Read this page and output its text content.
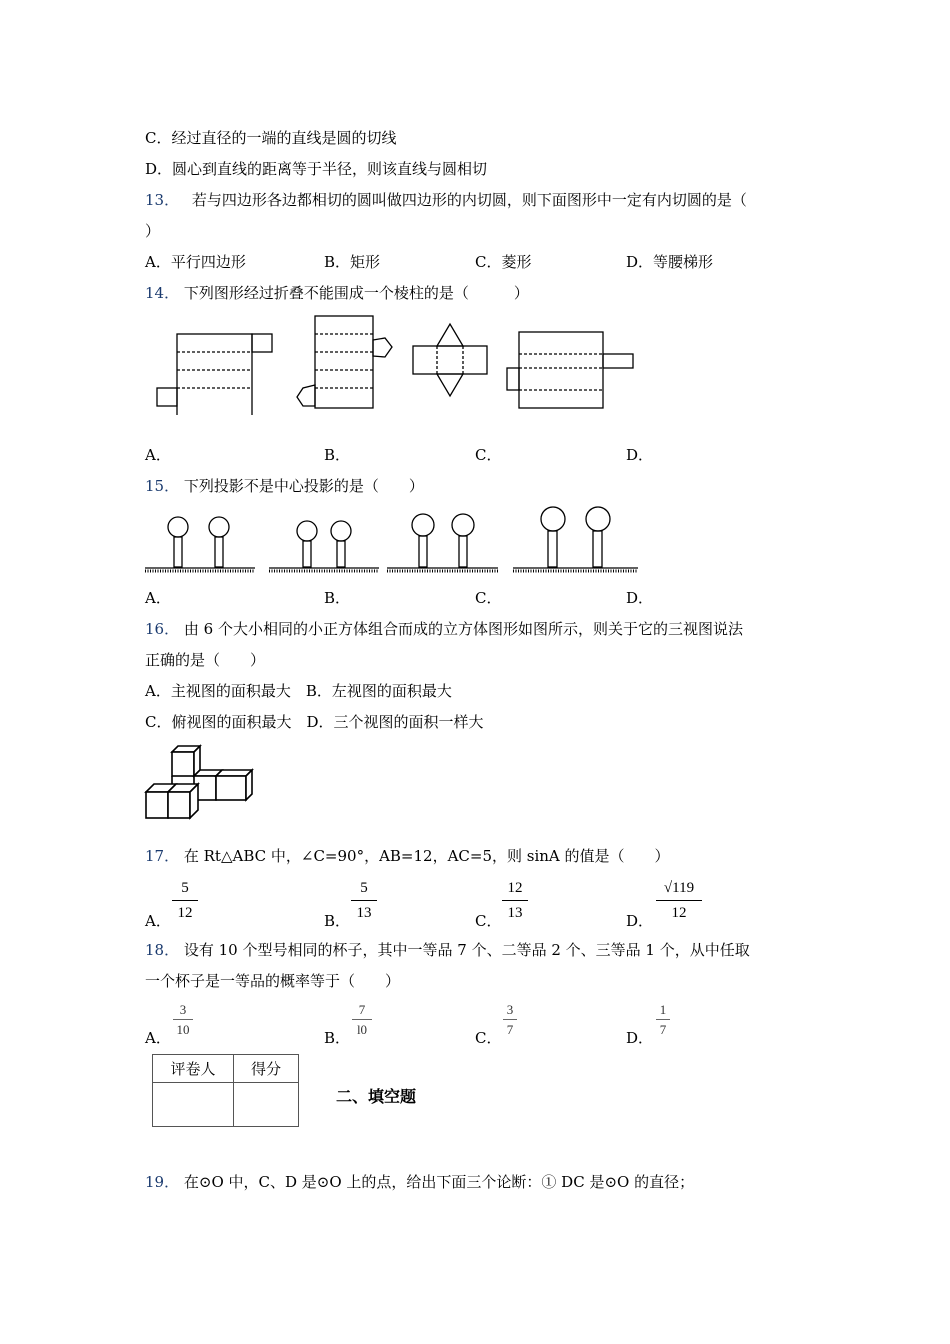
C．经过直径的一端的直线是圆的切线
D．圆心到直线的距离等于半径，则该直线与圆相切
13． 若与四边形各边都相切的圆叫做四边形的内切圆，则下面图形中一定有内切圆的是（
）
A．平行四边形	B．矩形	C．菱形	D．等腰梯形
14． 下列图形经过折叠不能围成一个棱柱的是（　　　）
A．	B．	C．	D．
15． 下列投影不是中心投影的是（　　）
A．	B．	C．	D．
16． 由 6 个大小相同的小正方体组合而成的立方体图形如图所示，则关于它的三视图说法
正确的是（　　）
A．主视图的面积最大　B．左视图的面积最大
C．俯视图的面积最大　D．三个视图的面积一样大
17． 在 Rt△ABC 中，∠C=90°，AB=12，AC=5，则 sinA 的值是（　　）
A．
5
12	B．
5
13	C．
12
13	D．
√119
12
18． 设有 10 个型号相同的杯子，其中一等品 7 个、二等品 2 个、三等品 1 个，从中任取
一个杯子是一等品的概率等于（　　）
A．
3
10	B．
7
l0	C．
3
7	D．
1
7
评卷人	得分

二、填空题
19． 在⊙O 中，C、D 是⊙O 上的点，给出下面三个论断：① DC 是⊙O 的直径；
